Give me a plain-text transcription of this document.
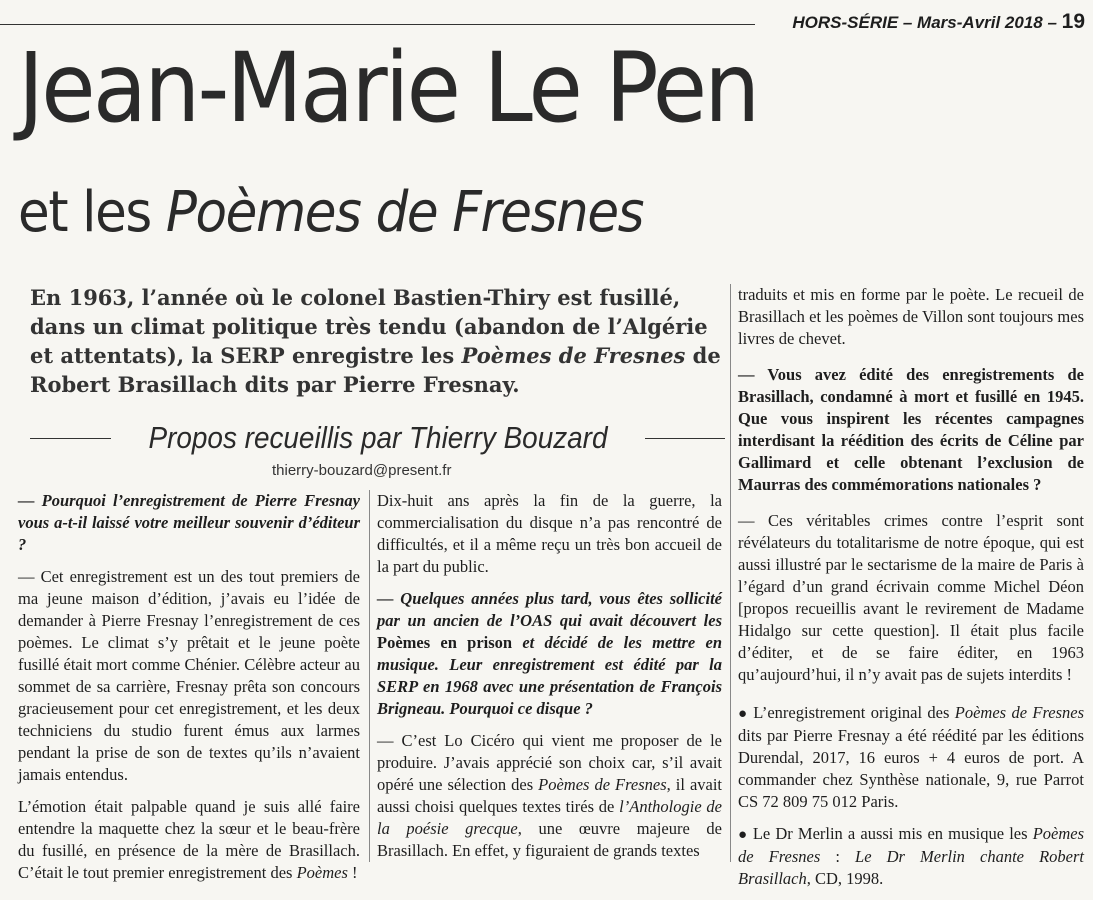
HORS-SÉRIE – Mars-Avril 2018 – 19
Jean-Marie Le Pen
et les Poèmes de Fresnes

En 1963, l’année où le colonel Bastien-Thiry est fusillé, dans un climat politique très tendu (abandon de l’Algérie et attentats), la SERP enregistre les Poèmes de Fresnes de Robert Brasillach dits par Pierre Fresnay.

Propos recueillis par Thierry Bouzard
thierry-bouzard@present.fr

— Pourquoi l’enregistrement de Pierre Fresnay vous a-t-il laissé votre meilleur souvenir d’éditeur ?

— Cet enregistrement est un des tout premiers de ma jeune maison d’édition, j’avais eu l’idée de demander à Pierre Fresnay l’enregistrement de ces poèmes. Le climat s’y prêtait et le jeune poète fusillé était mort comme Chénier. Célèbre acteur au sommet de sa carrière, Fresnay prêta son concours gracieusement pour cet enregistrement, et les deux techniciens du studio furent émus aux larmes pendant la prise de son de textes qu’ils n’avaient jamais entendus.

L’émotion était palpable quand je suis allé faire entendre la maquette chez la sœur et le beau-frère du fusillé, en présence de la mère de Brasillach. C’était le tout premier enregistrement des Poèmes !

Dix-huit ans après la fin de la guerre, la commercialisation du disque n’a pas rencontré de difficultés, et il a même reçu un très bon accueil de la part du public.

— Quelques années plus tard, vous êtes sollicité par un ancien de l’OAS qui avait découvert les Poèmes en prison et décidé de les mettre en musique. Leur enregistrement est édité par la SERP en 1968 avec une présentation de François Brigneau. Pourquoi ce disque ?

— C’est Lo Cicéro qui vient me proposer de le produire. J’avais apprécié son choix car, s’il avait opéré une sélection des Poèmes de Fresnes, il avait aussi choisi quelques textes tirés de l’Anthologie de la poésie grecque, une œuvre majeure de Brasillach. En effet, y figuraient de grands textes

traduits et mis en forme par le poète. Le recueil de Brasillach et les poèmes de Villon sont toujours mes livres de chevet.

— Vous avez édité des enregistrements de Brasillach, condamné à mort et fusillé en 1945. Que vous inspirent les récentes campagnes interdisant la réédition des écrits de Céline par Gallimard et celle obtenant l’exclusion de Maurras des commémorations nationales ?

— Ces véritables crimes contre l’esprit sont révélateurs du totalitarisme de notre époque, qui est aussi illustré par le sectarisme de la maire de Paris à l’égard d’un grand écrivain comme Michel Déon [propos recueillis avant le revirement de Madame Hidalgo sur cette question]. Il était plus facile d’éditer, et de se faire éditer, en 1963 qu’aujourd’hui, il n’y avait pas de sujets interdits !

● L’enregistrement original des Poèmes de Fresnes dits par Pierre Fresnay a été réédité par les éditions Durendal, 2017, 16 euros + 4 euros de port. A commander chez Synthèse nationale, 9, rue Parrot CS 72 809 75 012 Paris.

● Le Dr Merlin a aussi mis en musique les Poèmes de Fresnes : Le Dr Merlin chante Robert Brasillach, CD, 1998.
